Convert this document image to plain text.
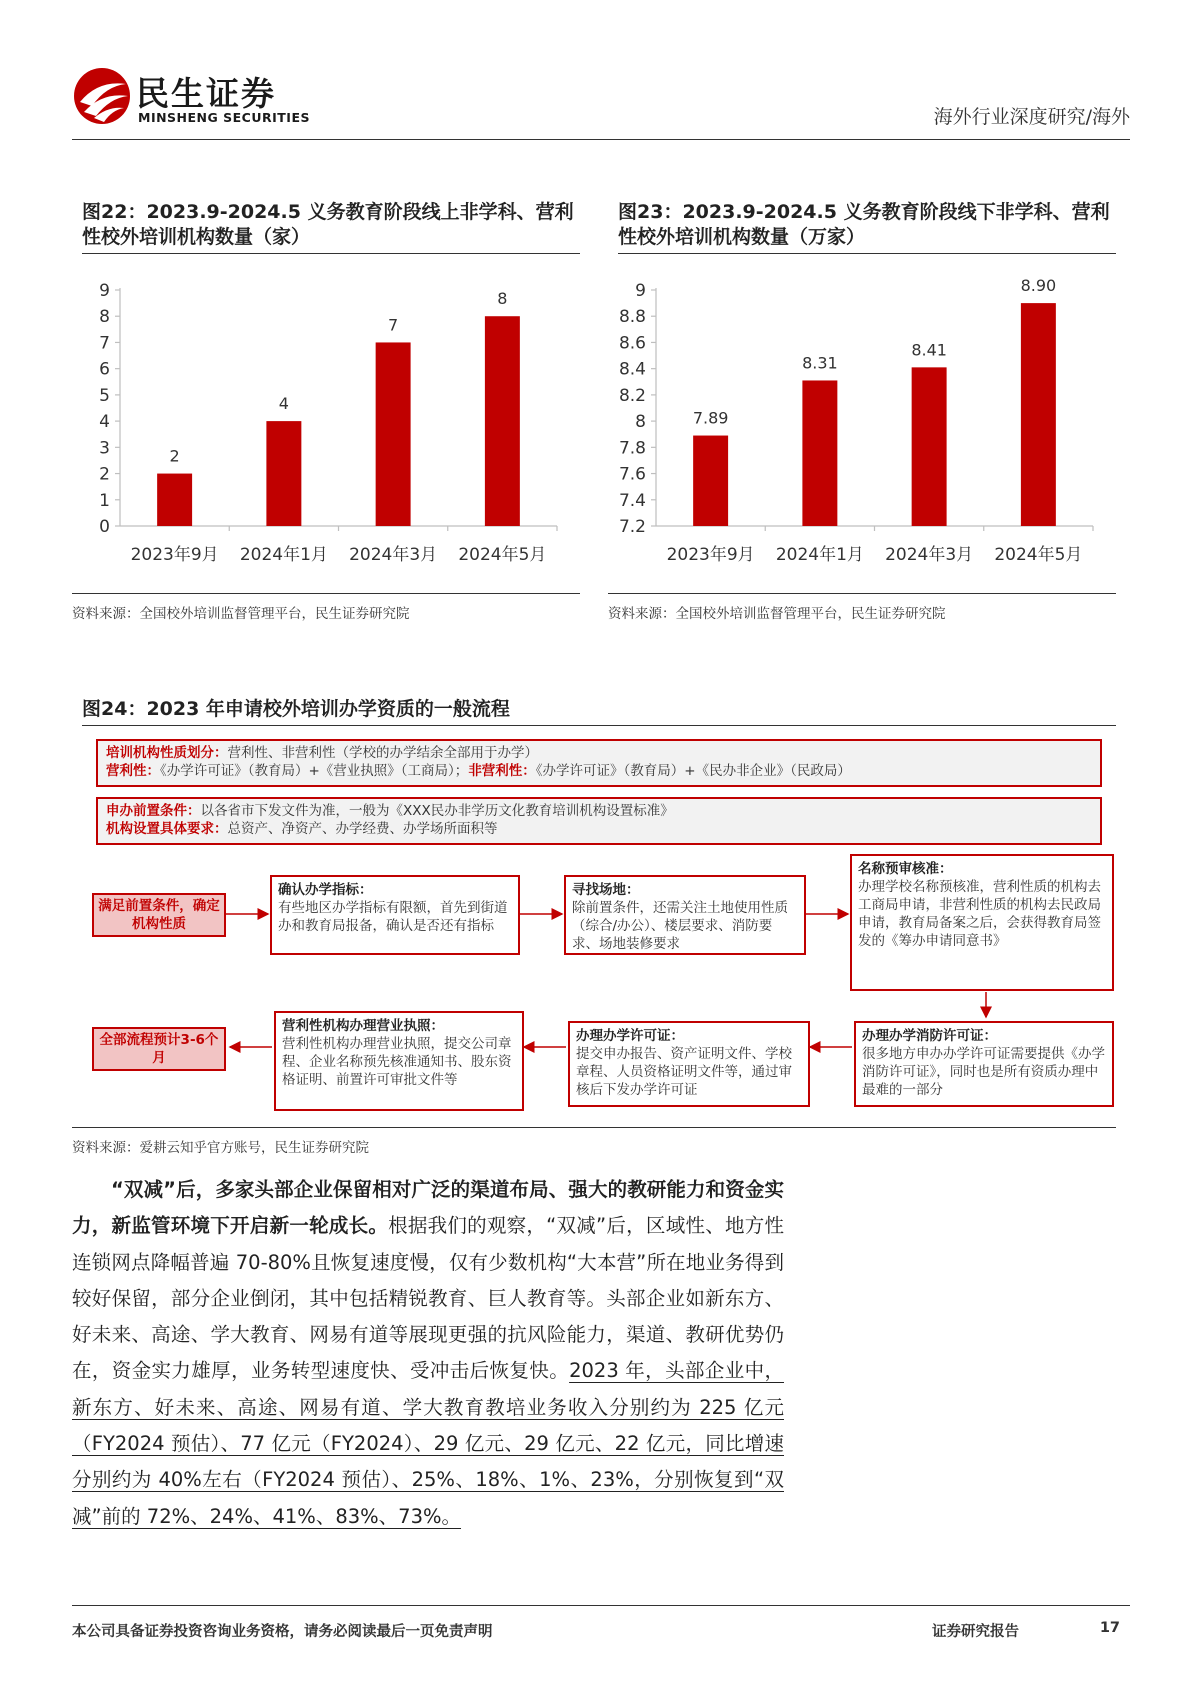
民生证券
MINSHENG SECURITIES	海外行业深度研究/海外
图22：2023.9-2024.5 义务教育阶段线上非学科、营利
性校外培训机构数量（家）
0
1
2
3
4
5
6
7
8
9
2
2023年9月
4
2024年1月
7
2024年3月
8
2024年5月
资料来源：全国校外培训监督管理平台，民生证券研究院
图23：2023.9-2024.5 义务教育阶段线下非学科、营利
性校外培训机构数量（万家）
7.2
7.4
7.6
7.8
8
8.2
8.4
8.6
8.8
9
7.89
2023年9月
8.31
2024年1月
8.41
2024年3月
8.90
2024年5月
资料来源：全国校外培训监督管理平台，民生证券研究院
图24：2023 年申请校外培训办学资质的一般流程
培训机构性质划分：营利性、非营利性（学校的办学结余全部用于办学）
营利性：《办学许可证》（教育局）+《营业执照》（工商局）；非营利性：《办学许可证》（教育局）+《民办非企业》（民政局）
申办前置条件：以各省市下发文件为准，一般为《XXX民办非学历文化教育培训机构设置标准》
机构设置具体要求：总资产、净资产、办学经费、办学场所面积等
满足前置条件，确定机构性质
确认办学指标：
有些地区办学指标有限额，首先到街道办和教育局报备，确认是否还有指标
寻找场地：
除前置条件，还需关注土地使用性质（综合/办公）、楼层要求、消防要求、场地装修要求
名称预审核准：
办理学校名称预核准，营利性质的机构去工商局申请，非营利性质的机构去民政局申请，教育局备案之后，会获得教育局签发的《筹办申请同意书》
办理办学消防许可证：
很多地方申办办学许可证需要提供《办学消防许可证》，同时也是所有资质办理中最难的一部分
办理办学许可证：
提交申办报告、资产证明文件、学校章程、人员资格证明文件等，通过审核后下发办学许可证
营利性机构办理营业执照：
营利性机构办理营业执照，提交公司章程、企业名称预先核准通知书、股东资格证明、前置许可审批文件等
全部流程预计3-6个月
资料来源：爱耕云知乎官方账号，民生证券研究院
“双减”后，多家头部企业保留相对广泛的渠道布局、强大的教研能力和资金实力，新监管环境下开启新一轮成长。根据我们的观察，“双减”后，区域性、地方性连锁网点降幅普遍 70-80%且恢复速度慢，仅有少数机构“大本营”所在地业务得到较好保留，部分企业倒闭，其中包括精锐教育、巨人教育等。头部企业如新东方、好未来、高途、学大教育、网易有道等展现更强的抗风险能力，渠道、教研优势仍在，资金实力雄厚，业务转型速度快、受冲击后恢复快。2023 年，头部企业中，新东方、好未来、高途、网易有道、学大教育教培业务收入分别约为 225 亿元（FY2024 预估）、77 亿元（FY2024）、29 亿元、29 亿元、22 亿元，同比增速分别约为 40%左右（FY2024 预估）、25%、18%、1%、23%，分别恢复到“双减”前的 72%、24%、41%、83%、73%。
本公司具备证券投资咨询业务资格，请务必阅读最后一页免责声明	证券研究报告	17
